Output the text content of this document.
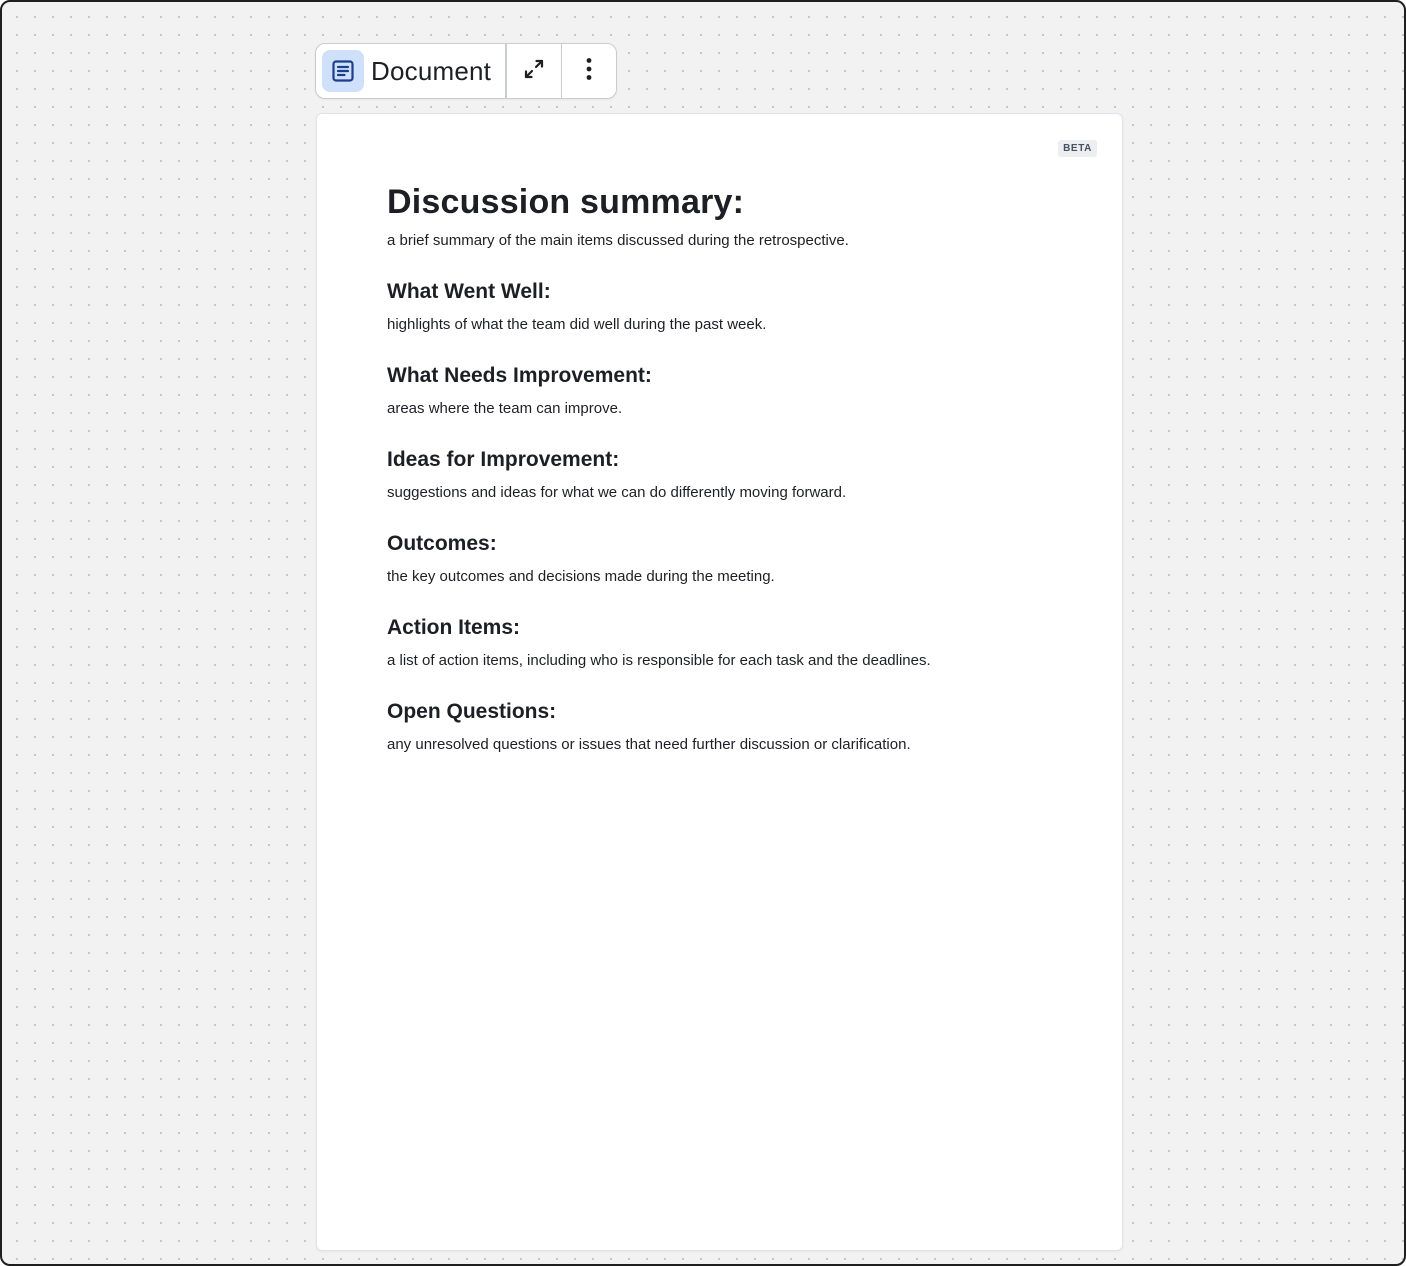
Document
BETA
Discussion summary:

a brief summary of the main items discussed during the retrospective.

What Went Well:

highlights of what the team did well during the past week.

What Needs Improvement:

areas where the team can improve.

Ideas for Improvement:

suggestions and ideas for what we can do differently moving forward.

Outcomes:

the key outcomes and decisions made during the meeting.

Action Items:

a list of action items, including who is responsible for each task and the deadlines.

Open Questions:

any unresolved questions or issues that need further discussion or clarification.
